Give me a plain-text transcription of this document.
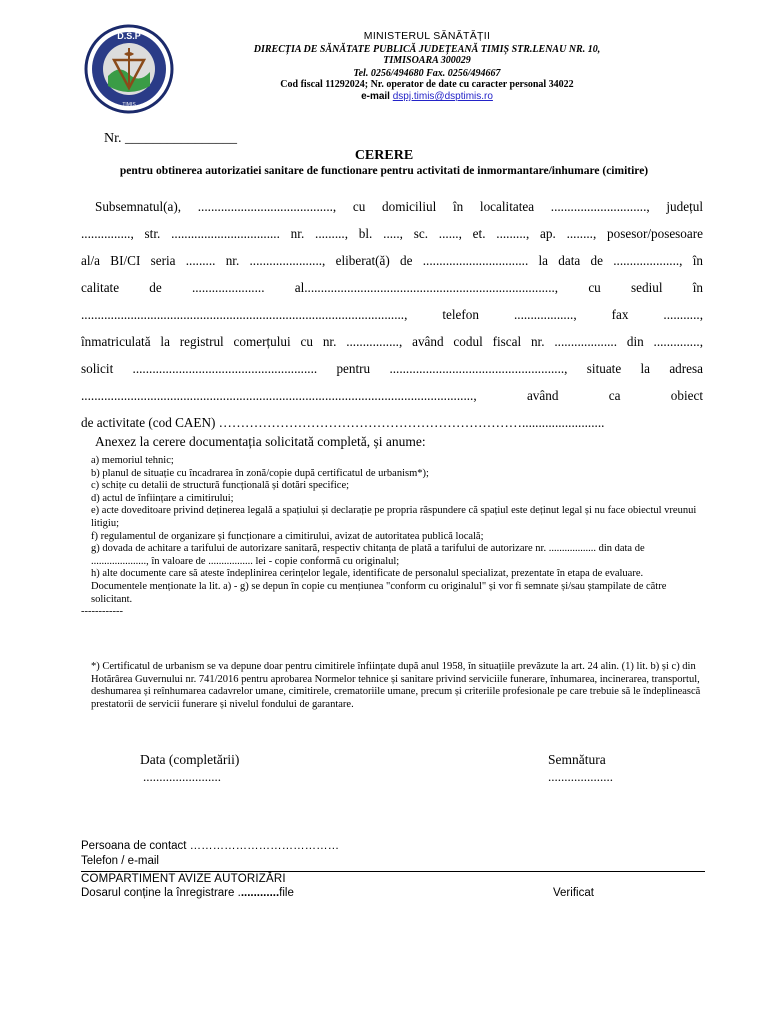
D.S.P
TIMIS
MINISTERUL SĂNĂTĂȚII
DIRECȚIA DE SĂNĂTATE PUBLICĂ JUDEȚEANĂ TIMIȘ STR.LENAU NR. 10,
TIMISOARA 300029
Tel. 0256/494680 Fax. 0256/494667
Cod fiscal 11292024; Nr. operator de date cu caracter personal 34022
e-mail dspj.timis@dsptimis.ro
Nr. ________________
CERERE
pentru obtinerea autorizatiei sanitare de functionare pentru activitati de inmormantare/inhumare (cimitire)
Subsemnatul(a), ........................................., cu domiciliul în localitatea ............................., județul
..............., str. ................................. nr. ........., bl. ....., sc. ......, et. ........., ap. ........, posesor/posesoare
al/a BI/CI seria ......... nr. ......................, eliberat(ă) de ................................ la data de ...................., în
calitate de ...................... al............................................................................, cu sediul în
.................................................................................................., telefon .................., fax ...........,
înmatriculată la registrul comerțului cu nr. ................, având codul fiscal nr. ................... din ..............,
solicit ........................................................ pentru ....................................................., situate la adresa
......................................................................................................................., având ca obiect
de activitate (cod CAEN) …………………………………………………………….........................
Anexez la cerere documentația solicitată completă, și anume:
a) memoriul tehnic;
b) planul de situație cu încadrarea în zonă/copie după certificatul de urbanism*);
c) schițe cu detalii de structură funcțională și dotări specifice;
d) actul de înființare a cimitirului;
e) acte doveditoare privind deținerea legală a spațiului și declarație pe propria răspundere că spațiul este deținut legal și nu face obiectul vreunui litigiu;
f) regulamentul de organizare și funcționare a cimitirului, avizat de autoritatea publică locală;
g) dovada de achitare a tarifului de autorizare sanitară, respectiv chitanța de plată a tarifului de autorizare nr. .................. din data de ....................., în valoare de ................. lei - copie conformă cu originalul;
h) alte documente care să ateste îndeplinirea cerințelor legale, identificate de personalul specializat, prezentate în etapa de evaluare.
Documentele menționate la lit. a) - g) se depun în copie cu mențiunea "conform cu originalul" și vor fi semnate și/sau ștampilate de către solicitant.
------------
*) Certificatul de urbanism se va depune doar pentru cimitirele înființate după anul 1958, în situațiile prevăzute la art. 24 alin. (1) lit. b) și c) din Hotărârea Guvernului nr. 741/2016 pentru aprobarea Normelor tehnice și sanitare privind serviciile funerare, înhumarea, incinerarea, transportul, deshumarea și reînhumarea cadavrelor umane, cimitirele, crematoriile umane, precum și criteriile profesionale pe care trebuie să le îndeplinească prestatorii de servicii funerare și nivelul fondului de garantare.
Data (completării)
........................
Semnătura
....................
Persoana de contact …………………………………
Telefon / e-mail
COMPARTIMENT AVIZE AUTORIZĂRI
Dosarul conține la înregistrare .............file	Verificat
